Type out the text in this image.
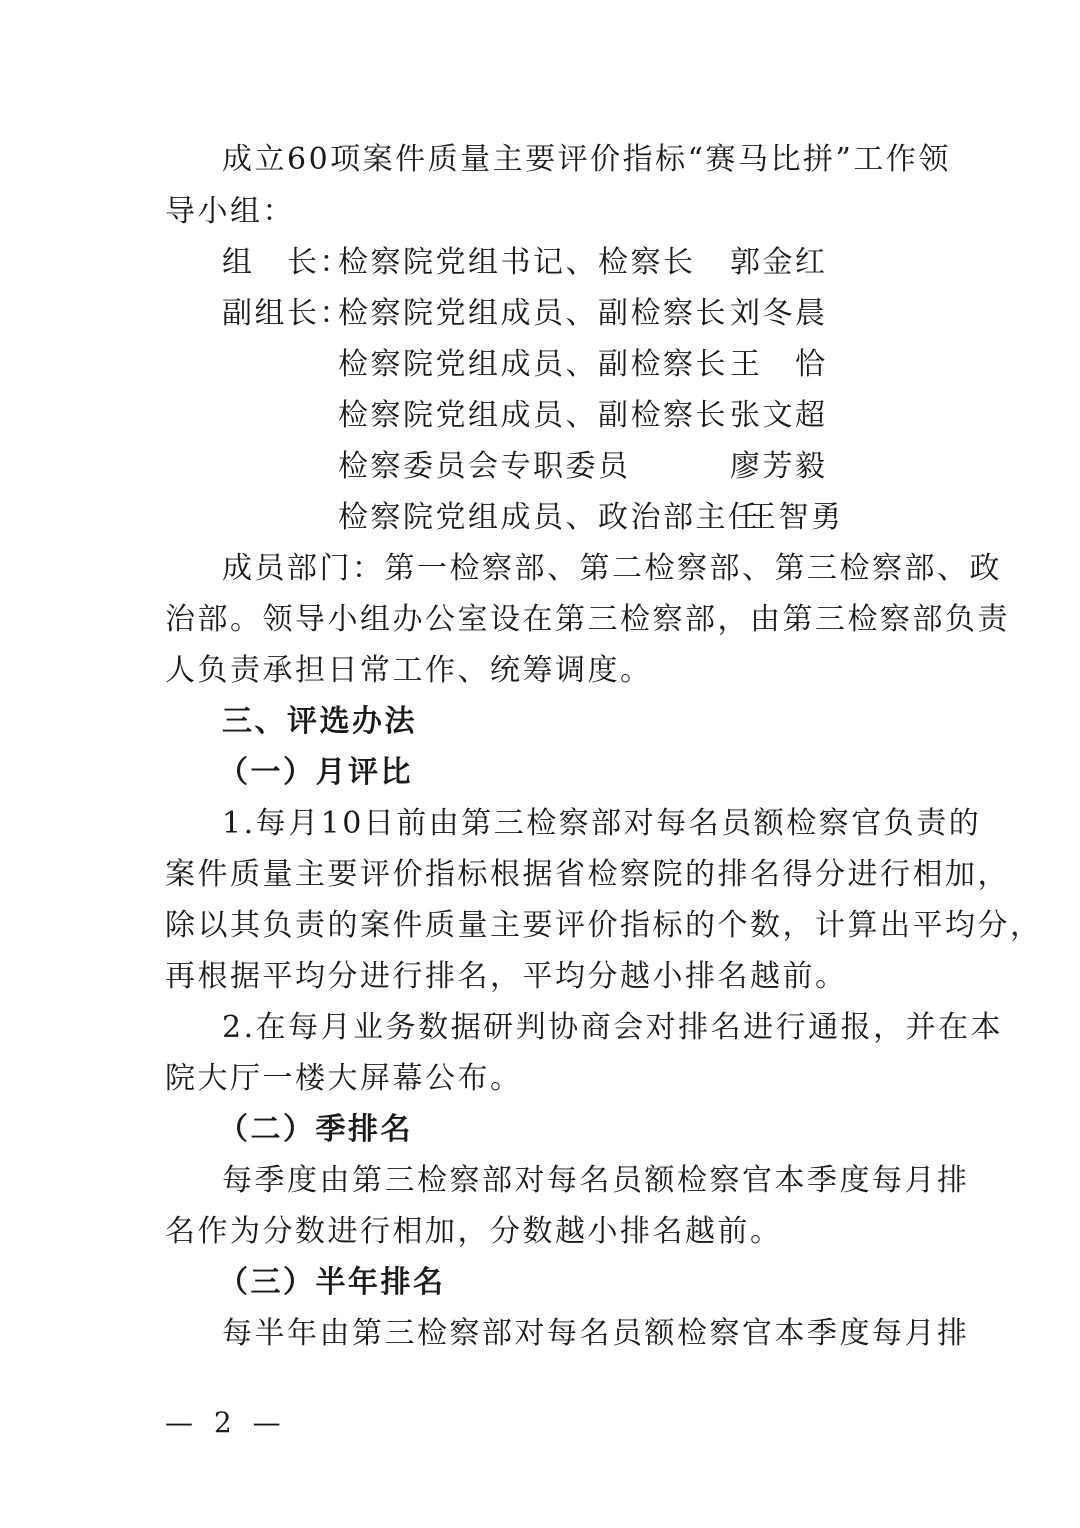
成立60项案件质量主要评价指标“赛马比拼”工作领
导小组：
组　长：
检察院党组书记、检察长 郭金红
副组长：
检察院党组成员、副检察长 刘冬晨
检察院党组成员、副检察长 王　恰
检察院党组成员、副检察长 张文超
检察委员会专职委员	廖芳毅
检察院党组成员、政治部主任
王智勇
成员部门：第一检察部、第二检察部、第三检察部、政
治部。领导小组办公室设在第三检察部，由第三检察部负责
人负责承担日常工作、统筹调度。
三、评选办法
（一）月评比
1.每月10日前由第三检察部对每名员额检察官负责的
案件质量主要评价指标根据省检察院的排名得分进行相加，
除以其负责的案件质量主要评价指标的个数，计算出平均分，
再根据平均分进行排名，平均分越小排名越前。
2.在每月业务数据研判协商会对排名进行通报，并在本
院大厅一楼大屏幕公布。
（二）季排名
每季度由第三检察部对每名员额检察官本季度每月排
名作为分数进行相加，分数越小排名越前。
（三）半年排名
每半年由第三检察部对每名员额检察官本季度每月排
— 2 —
